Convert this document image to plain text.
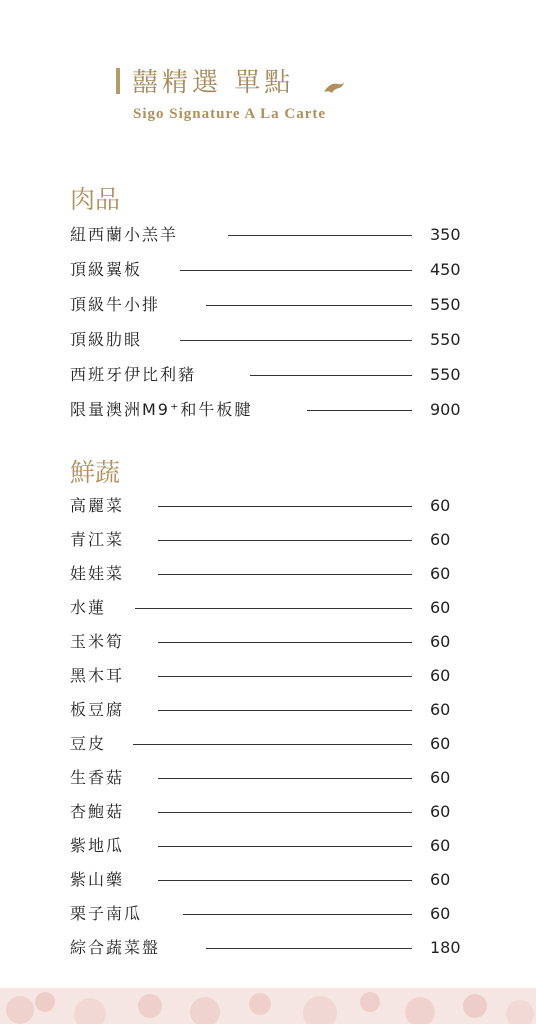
囍精選 單點
Sigo Signature A La Carte
肉品
紐西蘭小羔羊	350
頂級翼板	450
頂級牛小排	550
頂級肋眼	550
西班牙伊比利豬	550
限量澳洲M9⁺和牛板腱	900
鮮蔬
高麗菜	60
青江菜	60
娃娃菜	60
水蓮	60
玉米筍	60
黑木耳	60
板豆腐	60
豆皮	60
生香菇	60
杏鮑菇	60
紫地瓜	60
紫山藥	60
栗子南瓜	60
綜合蔬菜盤	180
